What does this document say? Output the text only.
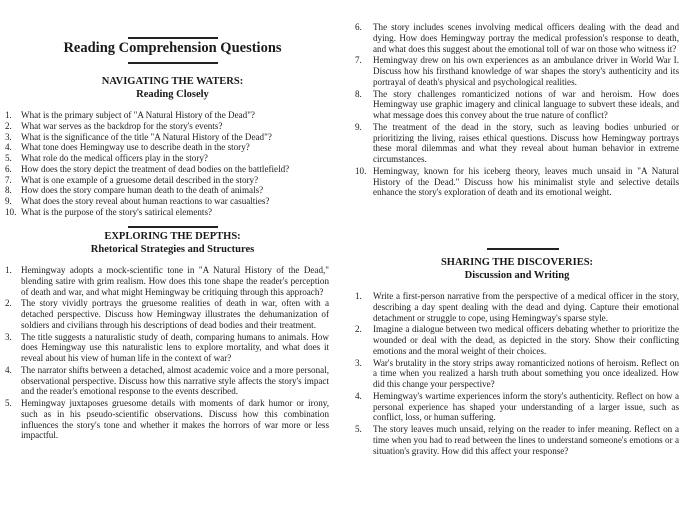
Reading Comprehension Questions
NAVIGATING THE WATERS:
Reading Closely
1. What is the primary subject of "A Natural History of the Dead"?
2. What war serves as the backdrop for the story's events?
3. What is the significance of the title "A Natural History of the Dead"?
4. What tone does Hemingway use to describe death in the story?
5. What role do the medical officers play in the story?
6. How does the story depict the treatment of dead bodies on the battlefield?
7. What is one example of a gruesome detail described in the story?
8. How does the story compare human death to the death of animals?
9. What does the story reveal about human reactions to war casualties?
10. What is the purpose of the story's satirical elements?
EXPLORING THE DEPTHS:
Rhetorical Strategies and Structures
1. Hemingway adopts a mock-scientific tone in "A Natural History of the Dead," blending satire with grim realism. How does this tone shape the reader's perception of death and war, and what might Hemingway be critiquing through this approach?
2. The story vividly portrays the gruesome realities of death in war, often with a detached perspective. Discuss how Hemingway illustrates the dehumanization of soldiers and civilians through his descriptions of dead bodies and their treatment.
3. The title suggests a naturalistic study of death, comparing humans to animals. How does Hemingway use this naturalistic lens to explore mortality, and what does it reveal about his view of human life in the context of war?
4. The narrator shifts between a detached, almost academic voice and a more personal, observational perspective. Discuss how this narrative style affects the story's impact and the reader's emotional response to the events described.
5. Hemingway juxtaposes gruesome details with moments of dark humor or irony, such as in his pseudo-scientific observations. Discuss how this combination influences the story's tone and whether it makes the horrors of war more or less impactful.
6. The story includes scenes involving medical officers dealing with the dead and dying. How does Hemingway portray the medical profession's response to death, and what does this suggest about the emotional toll of war on those who witness it?
7. Hemingway drew on his own experiences as an ambulance driver in World War I. Discuss how his firsthand knowledge of war shapes the story's authenticity and its portrayal of death's physical and psychological realities.
8. The story challenges romanticized notions of war and heroism. How does Hemingway use graphic imagery and clinical language to subvert these ideals, and what message does this convey about the true nature of conflict?
9. The treatment of the dead in the story, such as leaving bodies unburied or prioritizing the living, raises ethical questions. Discuss how Hemingway portrays these moral dilemmas and what they reveal about human behavior in extreme circumstances.
10. Hemingway, known for his iceberg theory, leaves much unsaid in "A Natural History of the Dead." Discuss how his minimalist style and selective details enhance the story's exploration of death and its emotional weight.
SHARING THE DISCOVERIES:
Discussion and Writing
1. Write a first-person narrative from the perspective of a medical officer in the story, describing a day spent dealing with the dead and dying. Capture their emotional detachment or struggle to cope, using Hemingway's sparse style.
2. Imagine a dialogue between two medical officers debating whether to prioritize the wounded or deal with the dead, as depicted in the story. Show their conflicting emotions and the moral weight of their choices.
3. War's brutality in the story strips away romanticized notions of heroism. Reflect on a time when you realized a harsh truth about something you once idealized. How did this change your perspective?
4. Hemingway's wartime experiences inform the story's authenticity. Reflect on how a personal experience has shaped your understanding of a larger issue, such as conflict, loss, or human suffering.
5. The story leaves much unsaid, relying on the reader to infer meaning. Reflect on a time when you had to read between the lines to understand someone's emotions or a situation's gravity. How did this affect your response?
